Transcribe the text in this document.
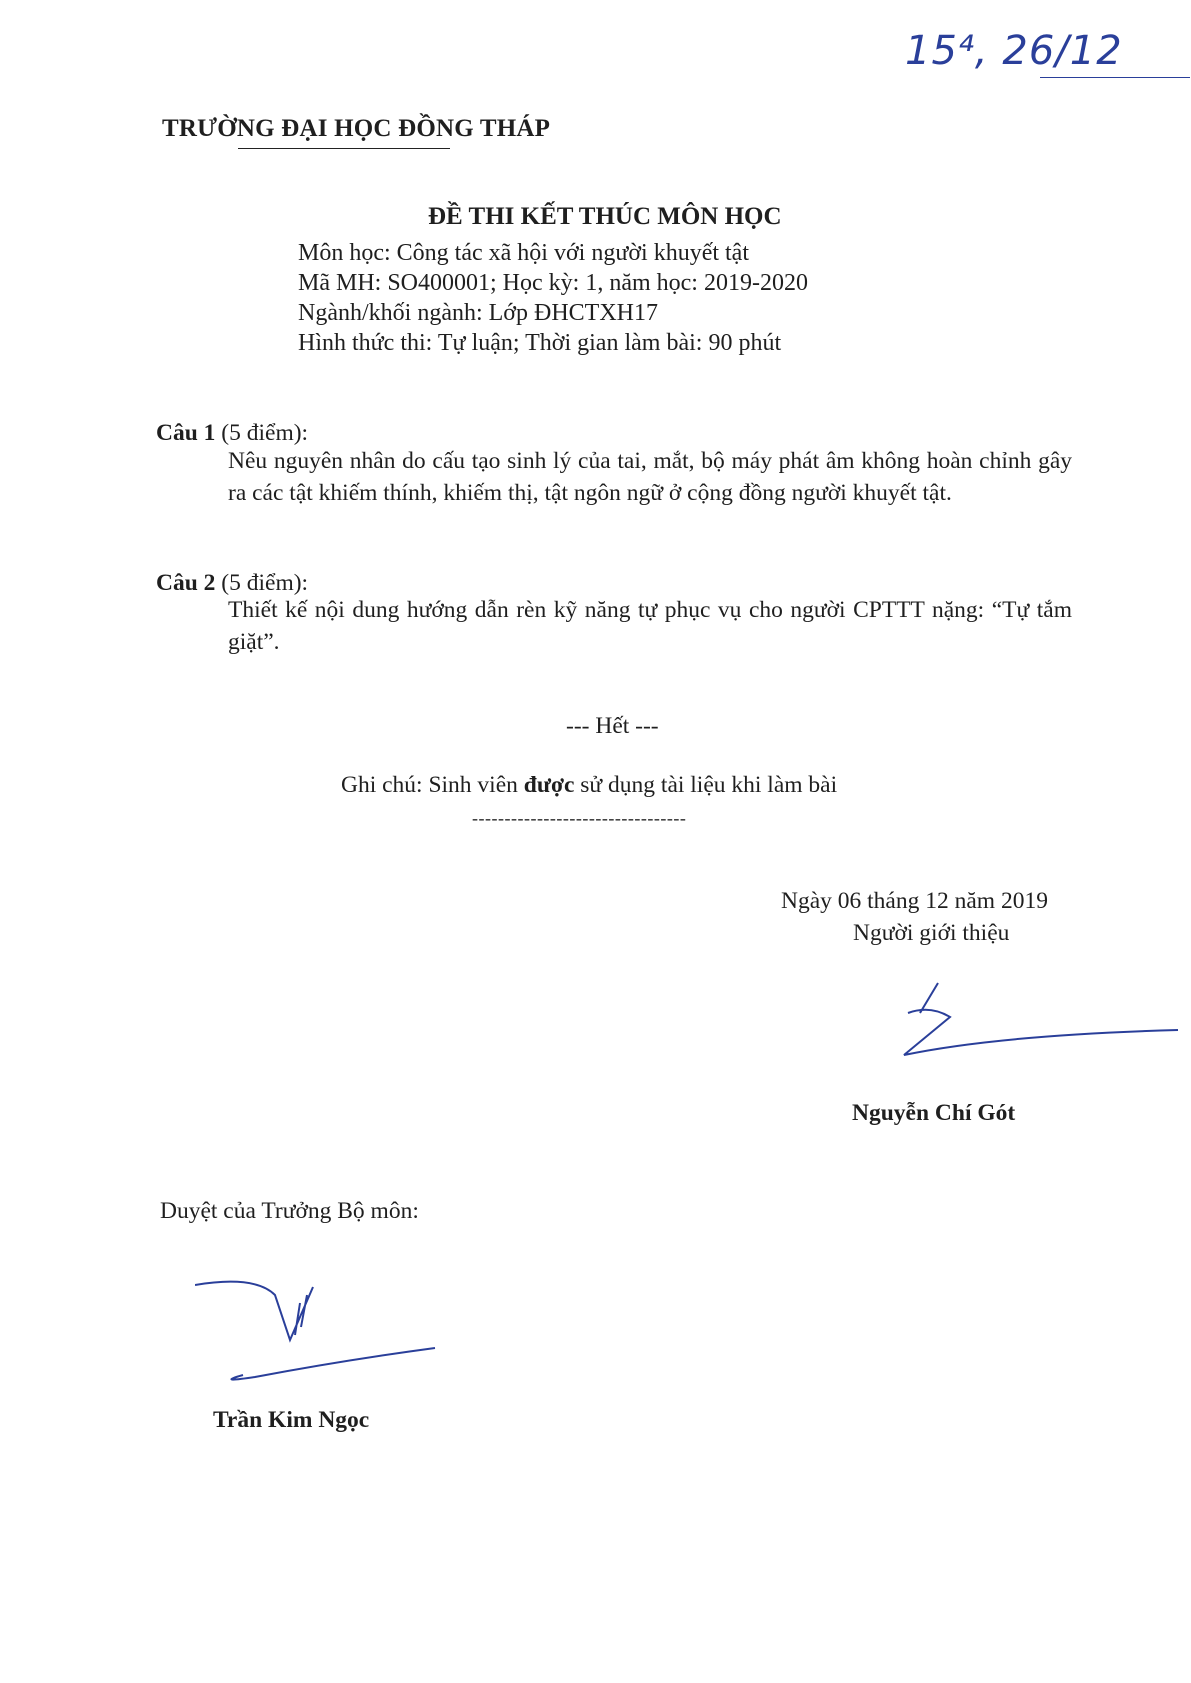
15⁴, 26/12
TRƯỜNG ĐẠI HỌC ĐỒNG THÁP
ĐỀ THI KẾT THÚC MÔN HỌC
Môn học: Công tác xã hội với người khuyết tật
Mã MH: SO400001; Học kỳ: 1, năm học: 2019-2020
Ngành/khối ngành: Lớp ĐHCTXH17
Hình thức thi: Tự luận; Thời gian làm bài: 90 phút
Câu 1 (5 điểm):
Nêu nguyên nhân do cấu tạo sinh lý của tai, mắt, bộ máy phát âm không hoàn chỉnh gây ra các tật khiếm thính, khiếm thị, tật ngôn ngữ ở cộng đồng người khuyết tật.
Câu 2 (5 điểm):
Thiết kế nội dung hướng dẫn rèn kỹ năng tự phục vụ cho người CPTTT nặng: “Tự tắm giặt”.
--- Hết ---
Ghi chú: Sinh viên được sử dụng tài liệu khi làm bài
---------------------------------
Ngày 06 tháng 12 năm 2019
Người giới thiệu
Nguyễn Chí Gót
Duyệt của Trưởng Bộ môn:
Trần Kim Ngọc
